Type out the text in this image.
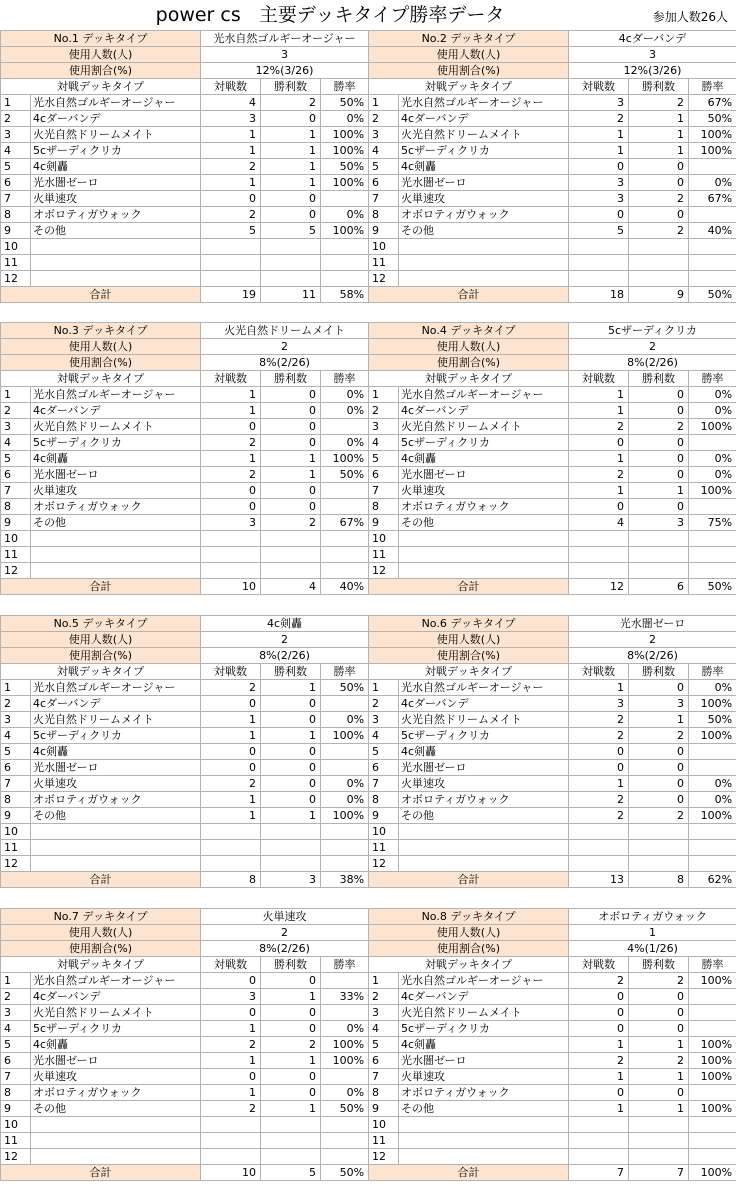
power cs   主要デッキタイプ勝率データ	参加人数26人
No.1 デッキタイプ		光水自然ゴルギーオージャー		
使用人数(人)		3		
使用割合(%)		12%(3/26)		
対戦デッキタイプ		対戦数	勝利数	勝率
1	光水自然ゴルギーオージャー	4	2	50%
2	4cダーバンデ	3	0	0%
3	火光自然ドリームメイト	1	1	100%
4	5cザーディクリカ	1	1	100%
5	4c剣轟	2	1	50%
6	光水闇ゼーロ	1	1	100%
7	火単速攻	0	0	
8	オボロティガウォック	2	0	0%
9	その他	5	5	100%
10				
11				
12				
合計		19	11	58%
No.2 デッキタイプ		4cダーバンデ		
使用人数(人)		3		
使用割合(%)		12%(3/26)		
対戦デッキタイプ		対戦数	勝利数	勝率
1	光水自然ゴルギーオージャー	3	2	67%
2	4cダーバンデ	2	1	50%
3	火光自然ドリームメイト	1	1	100%
4	5cザーディクリカ	1	1	100%
5	4c剣轟	0	0	
6	光水闇ゼーロ	3	0	0%
7	火単速攻	3	2	67%
8	オボロティガウォック	0	0	
9	その他	5	2	40%
10				
11				
12				
合計		18	9	50%
No.3 デッキタイプ		火光自然ドリームメイト		
使用人数(人)		2		
使用割合(%)		8%(2/26)		
対戦デッキタイプ		対戦数	勝利数	勝率
1	光水自然ゴルギーオージャー	1	0	0%
2	4cダーバンデ	1	0	0%
3	火光自然ドリームメイト	0	0	
4	5cザーディクリカ	2	0	0%
5	4c剣轟	1	1	100%
6	光水闇ゼーロ	2	1	50%
7	火単速攻	0	0	
8	オボロティガウォック	0	0	
9	その他	3	2	67%
10				
11				
12				
合計		10	4	40%
No.4 デッキタイプ		5cザーディクリカ		
使用人数(人)		2		
使用割合(%)		8%(2/26)		
対戦デッキタイプ		対戦数	勝利数	勝率
1	光水自然ゴルギーオージャー	1	0	0%
2	4cダーバンデ	1	0	0%
3	火光自然ドリームメイト	2	2	100%
4	5cザーディクリカ	0	0	
5	4c剣轟	1	0	0%
6	光水闇ゼーロ	2	0	0%
7	火単速攻	1	1	100%
8	オボロティガウォック	0	0	
9	その他	4	3	75%
10				
11				
12				
合計		12	6	50%
No.5 デッキタイプ		4c剣轟		
使用人数(人)		2		
使用割合(%)		8%(2/26)		
対戦デッキタイプ		対戦数	勝利数	勝率
1	光水自然ゴルギーオージャー	2	1	50%
2	4cダーバンデ	0	0	
3	火光自然ドリームメイト	1	0	0%
4	5cザーディクリカ	1	1	100%
5	4c剣轟	0	0	
6	光水闇ゼーロ	0	0	
7	火単速攻	2	0	0%
8	オボロティガウォック	1	0	0%
9	その他	1	1	100%
10				
11				
12				
合計		8	3	38%
No.6 デッキタイプ		光水闇ゼーロ		
使用人数(人)		2		
使用割合(%)		8%(2/26)		
対戦デッキタイプ		対戦数	勝利数	勝率
1	光水自然ゴルギーオージャー	1	0	0%
2	4cダーバンデ	3	3	100%
3	火光自然ドリームメイト	2	1	50%
4	5cザーディクリカ	2	2	100%
5	4c剣轟	0	0	
6	光水闇ゼーロ	0	0	
7	火単速攻	1	0	0%
8	オボロティガウォック	2	0	0%
9	その他	2	2	100%
10				
11				
12				
合計		13	8	62%
No.7 デッキタイプ		火単速攻		
使用人数(人)		2		
使用割合(%)		8%(2/26)		
対戦デッキタイプ		対戦数	勝利数	勝率
1	光水自然ゴルギーオージャー	0	0	
2	4cダーバンデ	3	1	33%
3	火光自然ドリームメイト	0	0	
4	5cザーディクリカ	1	0	0%
5	4c剣轟	2	2	100%
6	光水闇ゼーロ	1	1	100%
7	火単速攻	0	0	
8	オボロティガウォック	1	0	0%
9	その他	2	1	50%
10				
11				
12				
合計		10	5	50%
No.8 デッキタイプ		オボロティガウォック		
使用人数(人)		1		
使用割合(%)		4%(1/26)		
対戦デッキタイプ		対戦数	勝利数	勝率
1	光水自然ゴルギーオージャー	2	2	100%
2	4cダーバンデ	0	0	
3	火光自然ドリームメイト	0	0	
4	5cザーディクリカ	0	0	
5	4c剣轟	1	1	100%
6	光水闇ゼーロ	2	2	100%
7	火単速攻	1	1	100%
8	オボロティガウォック	0	0	
9	その他	1	1	100%
10				
11				
12				
合計		7	7	100%
